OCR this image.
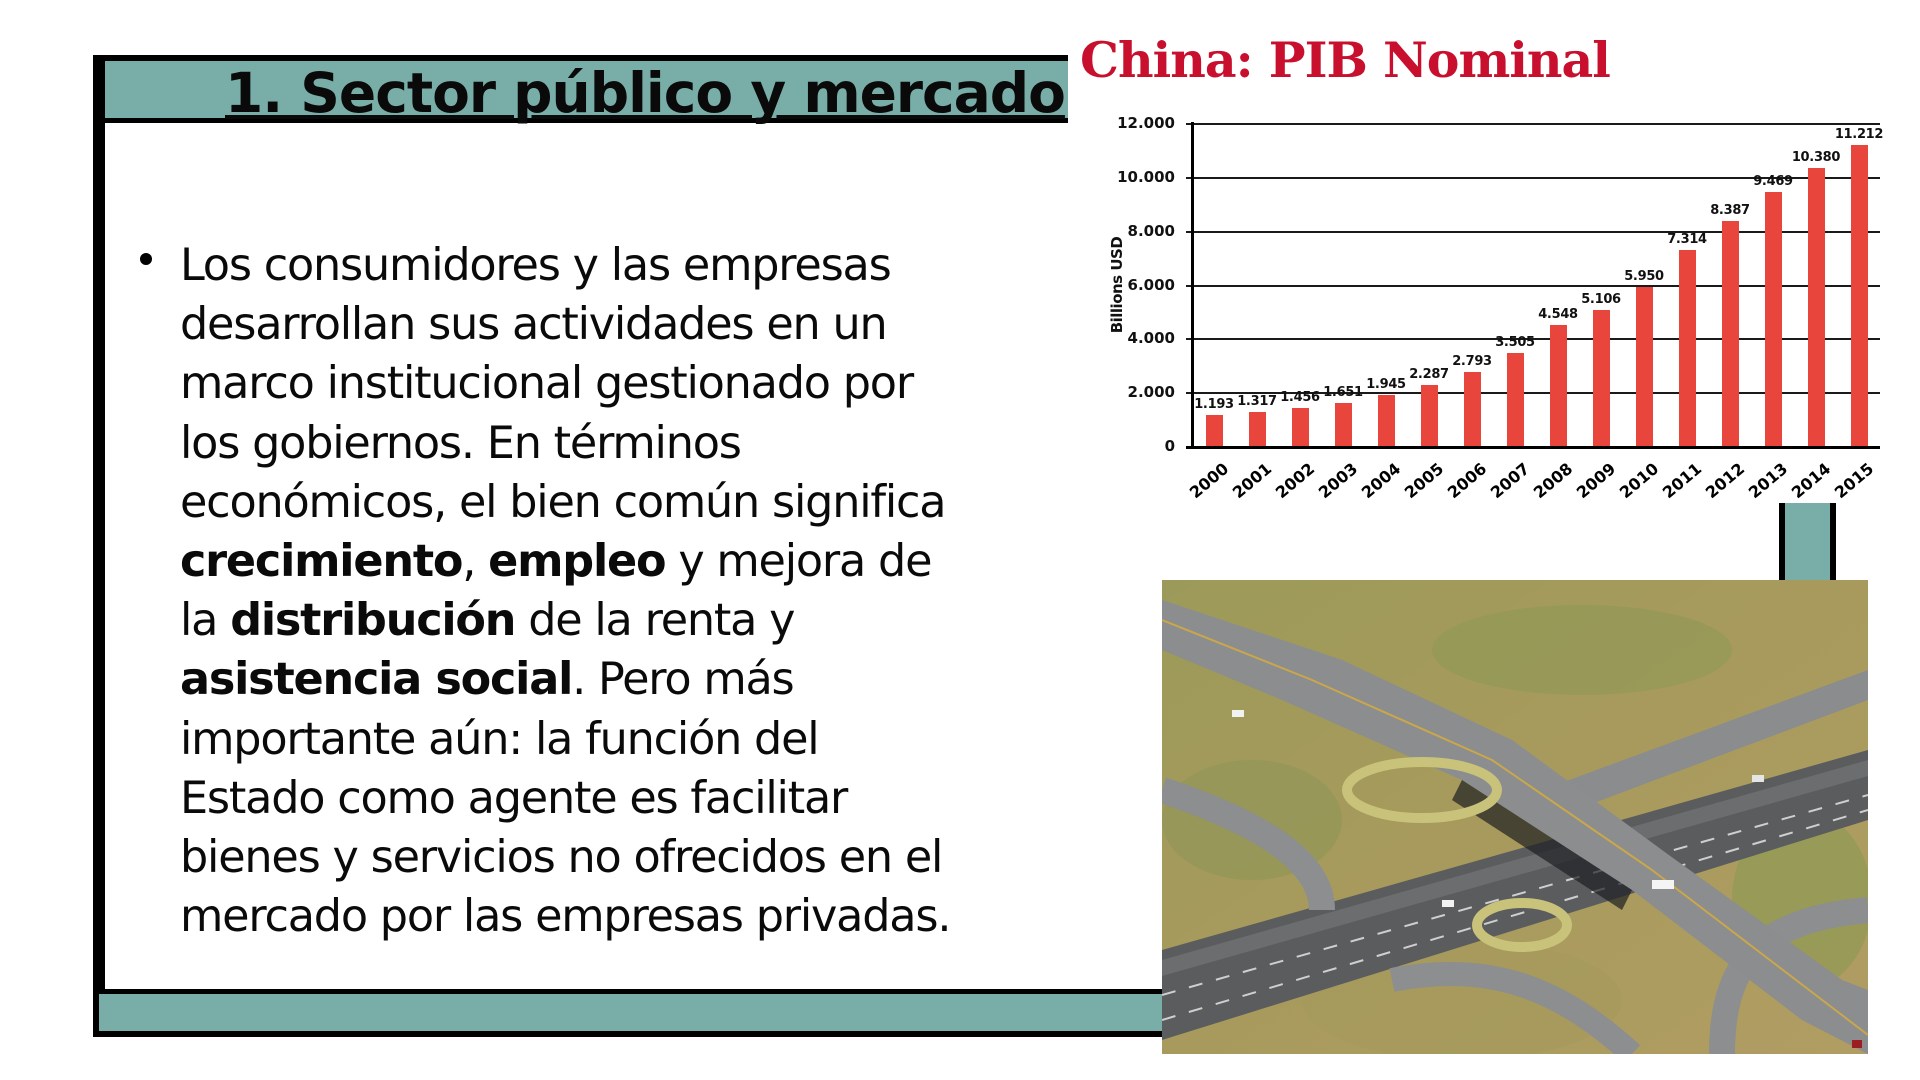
1. Sector público y mercado
Los consumidores y las empresas
desarrollan sus actividades en un
marco institucional gestionado por
los gobiernos. En términos
económicos, el bien común significa
crecimiento, empleo y mejora de
la distribución de la renta y
asistencia social. Pero más
importante aún: la función del
Estado como agente es facilitar
bienes y servicios no ofrecidos en el
mercado por las empresas privadas.
China: PIB Nominal
Billions USD
0
2.000
4.000
6.000
8.000
10.000
12.000
1.193
2000
1.317
2001
1.456
2002
1.651
2003
1.945
2004
2.287
2005
2.793
2006
3.505
2007
4.548
2008
5.106
2009
5.950
2010
7.314
2011
8.387
2012
9.469
2013
10.380
2014
11.212
2015
